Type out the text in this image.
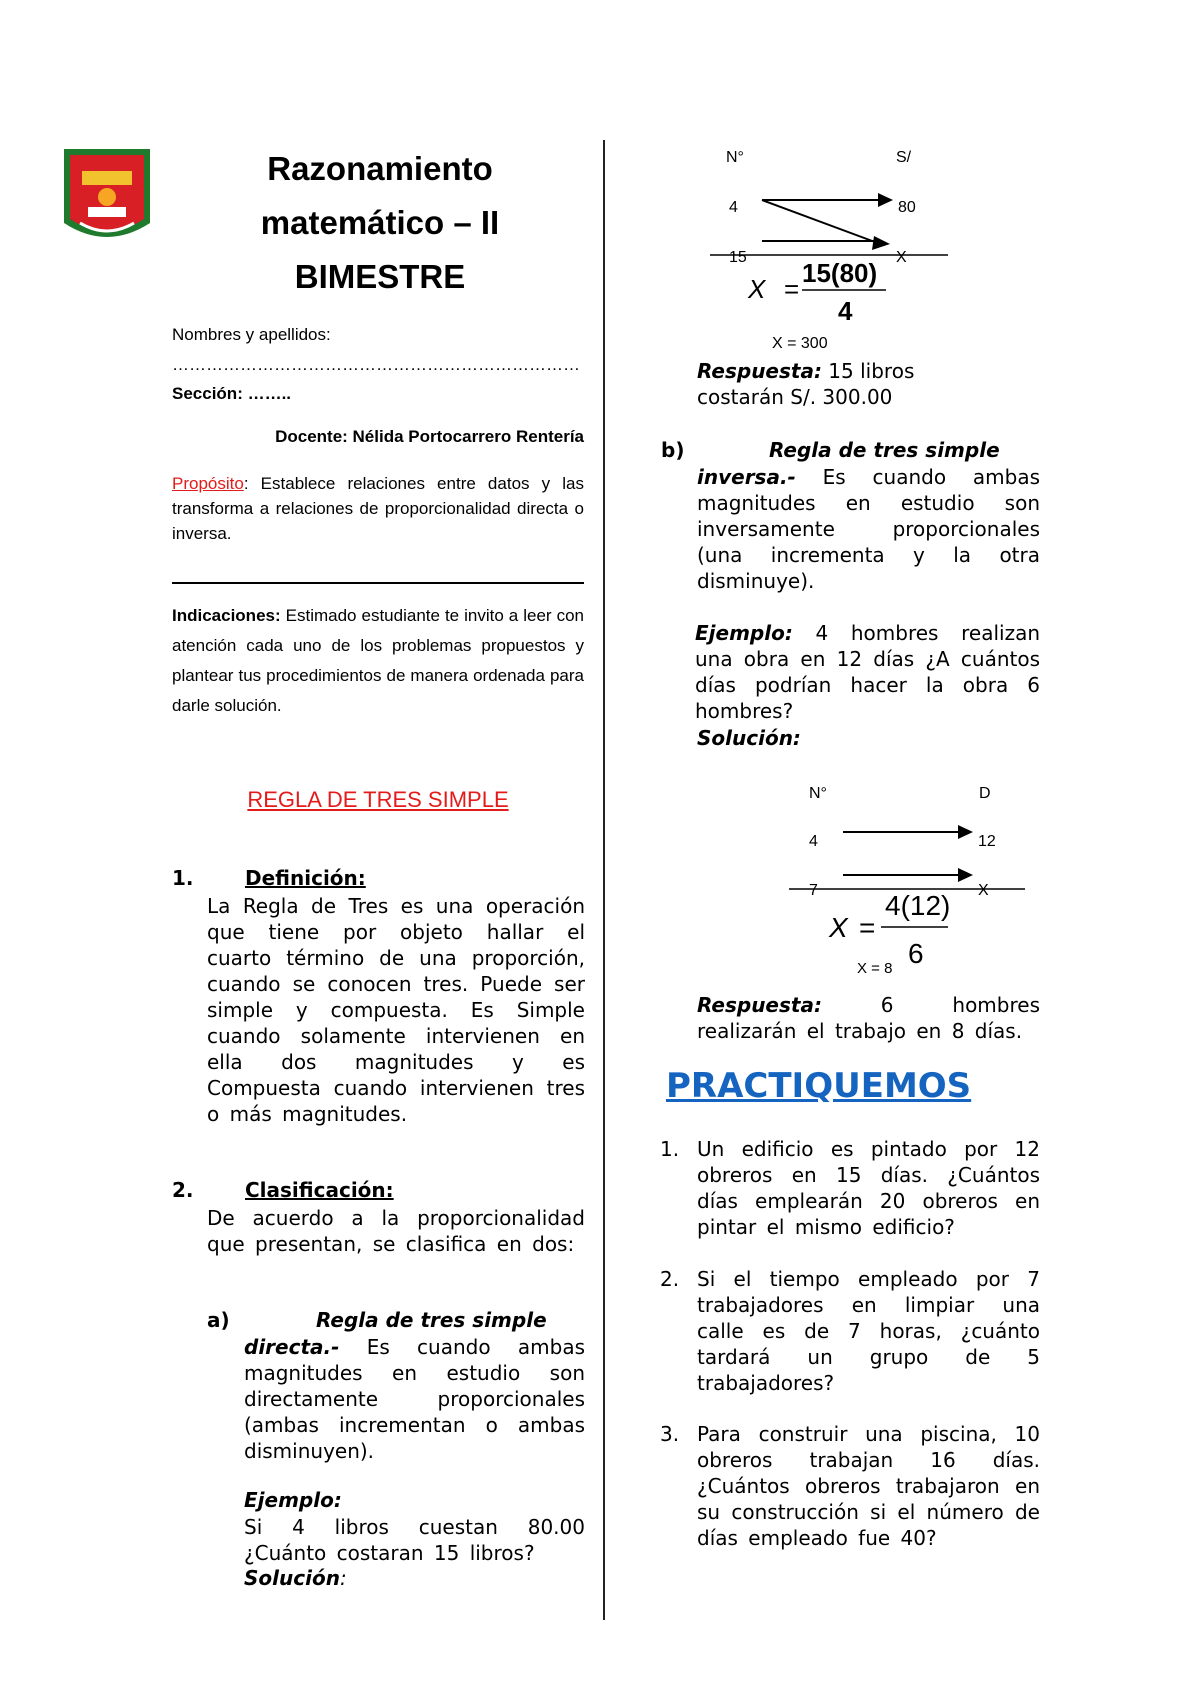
Razonamiento
matemático – II
BIMESTRE
Nombres y apellidos:
………………………………………………………………
Sección: ……..
Docente: Nélida Portocarrero Rentería
Propósito: Establece relaciones entre datos y las transforma a relaciones de proporcionalidad directa o inversa.
Indicaciones: Estimado estudiante te invito a leer con atención cada uno de los problemas propuestos y plantear tus procedimientos de manera ordenada para darle solución.
REGLA DE TRES SIMPLE
1.	Definición:
La Regla de Tres es una operación que tiene por objeto hallar el cuarto término de una proporción, cuando se conocen tres. Puede ser simple y compuesta. Es Simple cuando solamente intervienen en ella dos magnitudes y es Compuesta cuando intervienen tres o más magnitudes.
2.	Clasificación:
De acuerdo a la proporcionalidad que presentan, se clasifica en dos:
a)	Regla de tres simple
directa.- Es cuando ambas magnitudes en estudio son directamente proporcionales (ambas incrementan o ambas disminuyen).
Ejemplo:
Si 4 libros cuestan 80.00 ¿Cuánto costaran 15 libros?
Solución:
N°	S/
4	80
15	X
X =
15(80)
4
X = 300
Respuesta: 15 libros costarán S/. 300.00
b)	Regla de tres simple
inversa.- Es cuando ambas magnitudes en estudio son inversamente proporcionales (una incrementa y la otra disminuye).
Ejemplo: 4 hombres realizan una obra en 12 días ¿A cuántos días podrían hacer la obra 6 hombres?
Solución:
N°	D
4	12
7	X
X =
4(12)
6
X = 8
Respuesta: 6 hombres realizarán el trabajo en 8 días.
PRACTIQUEMOS
1. Un edificio es pintado por 12 obreros en 15 días. ¿Cuántos días emplearán 20 obreros en pintar el mismo edificio?
2. Si el tiempo empleado por 7 trabajadores en limpiar una calle es de 7 horas, ¿cuánto tardará un grupo de 5 trabajadores?
3. Para construir una piscina, 10 obreros trabajan 16 días. ¿Cuántos obreros trabajaron en su construcción si el número de días empleado fue 40?
